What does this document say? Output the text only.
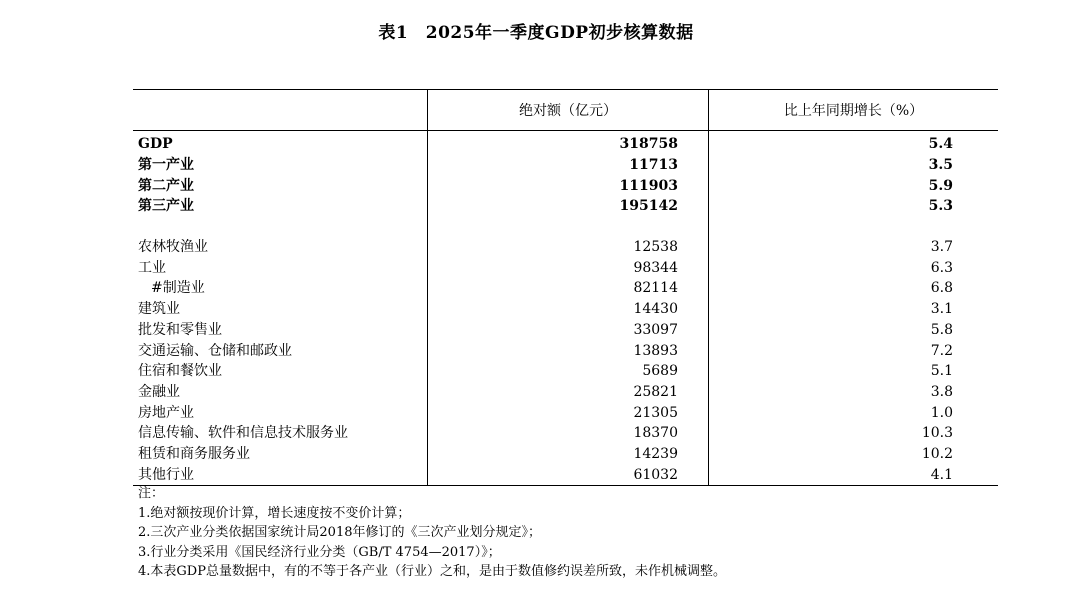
表1　2025年一季度GDP初步核算数据
	绝对额（亿元）	比上年同期增长（%）
GDP	318758	5.4
第一产业	11713	3.5
第二产业	111903	5.9
第三产业	195142	5.3

农林牧渔业	12538	3.7
工业	98344	6.3
#制造业	82114	6.8
建筑业	14430	3.1
批发和零售业	33097	5.8
交通运输、仓储和邮政业	13893	7.2
住宿和餐饮业	5689	5.1
金融业	25821	3.8
房地产业	21305	1.0
信息传输、软件和信息技术服务业	18370	10.3
租赁和商务服务业	14239	10.2
其他行业	61032	4.1
注：
1.绝对额按现价计算，增长速度按不变价计算；
2.三次产业分类依据国家统计局2018年修订的《三次产业划分规定》；
3.行业分类采用《国民经济行业分类（GB/T 4754—2017）》；
4.本表GDP总量数据中，有的不等于各产业（行业）之和，是由于数值修约误差所致，未作机械调整。
